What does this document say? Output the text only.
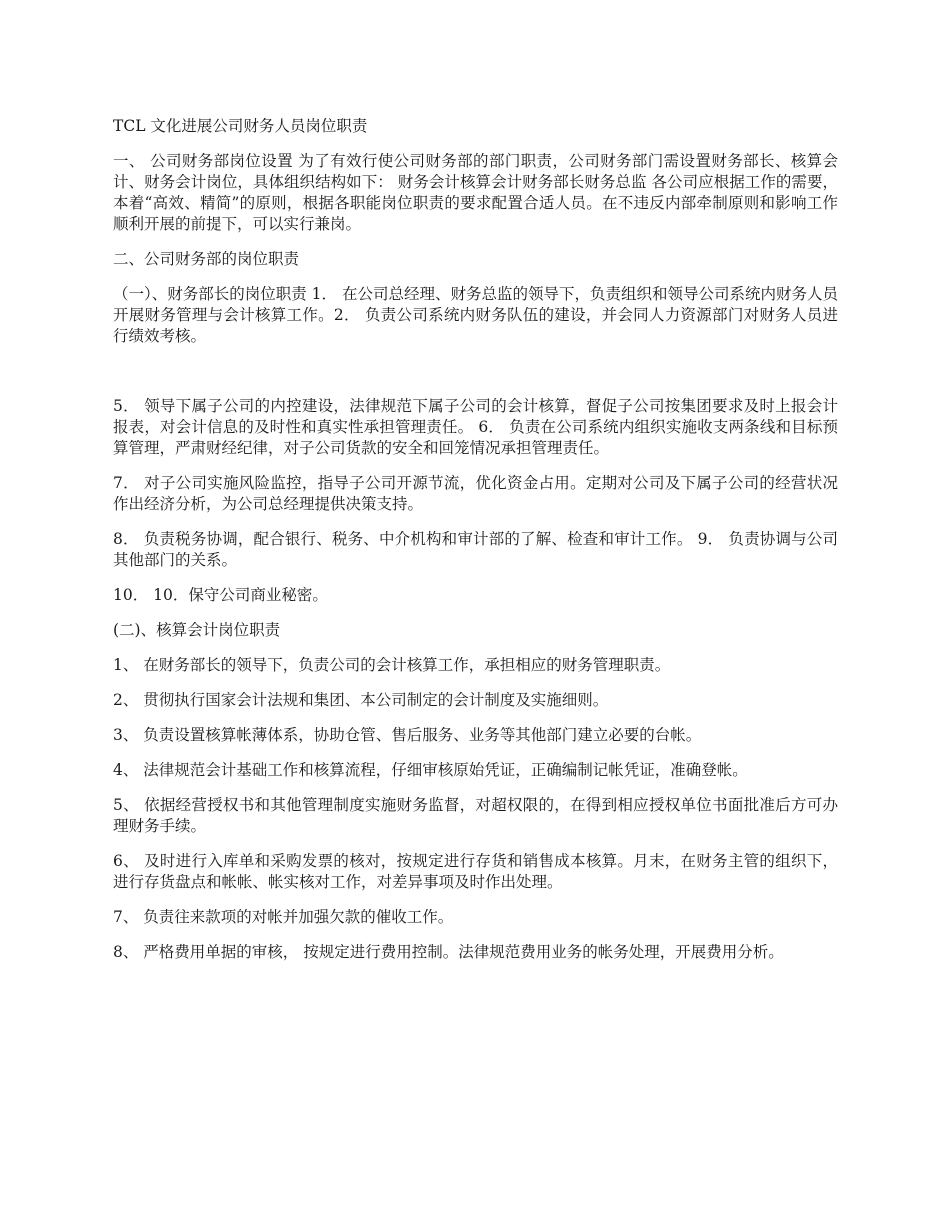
TCL 文化进展公司财务人员岗位职责

一、 公司财务部岗位设置 为了有效行使公司财务部的部门职责，公司财务部门需设置财务部长、核算会计、财务会计岗位，具体组织结构如下： 财务会计核算会计财务部长财务总监 各公司应根据工作的需要，本着“高效、精简”的原则，根据各职能岗位职责的要求配置合适人员。在不违反内部牵制原则和影响工作顺利开展的前提下，可以实行兼岗。

二、公司财务部的岗位职责

（一）、财务部长的岗位职责 1． 在公司总经理、财务总监的领导下，负责组织和领导公司系统内财务人员开展财务管理与会计核算工作。2． 负责公司系统内财务队伍的建设，并会同人力资源部门对财务人员进行绩效考核。

5． 领导下属子公司的内控建设，法律规范下属子公司的会计核算，督促子公司按集团要求及时上报会计报表，对会计信息的及时性和真实性承担管理责任。 6． 负责在公司系统内组织实施收支两条线和目标预算管理，严肃财经纪律，对子公司货款的安全和回笼情况承担管理责任。

7． 对子公司实施风险监控，指导子公司开源节流，优化资金占用。定期对公司及下属子公司的经营状况作出经济分析，为公司总经理提供决策支持。

8． 负责税务协调，配合银行、税务、中介机构和审计部的了解、检查和审计工作。 9． 负责协调与公司其他部门的关系。

10． 10．保守公司商业秘密。

(二)、核算会计岗位职责

1、 在财务部长的领导下，负责公司的会计核算工作，承担相应的财务管理职责。

2、 贯彻执行国家会计法规和集团、本公司制定的会计制度及实施细则。

3、 负责设置核算帐薄体系，协助仓管、售后服务、业务等其他部门建立必要的台帐。

4、 法律规范会计基础工作和核算流程，仔细审核原始凭证，正确编制记帐凭证，准确登帐。

5、 依据经营授权书和其他管理制度实施财务监督，对超权限的，在得到相应授权单位书面批准后方可办理财务手续。

6、 及时进行入库单和采购发票的核对，按规定进行存货和销售成本核算。月末，在财务主管的组织下，进行存货盘点和帐帐、帐实核对工作，对差异事项及时作出处理。

7、 负责往来款项的对帐并加强欠款的催收工作。

8、 严格费用单据的审核， 按规定进行费用控制。法律规范费用业务的帐务处理，开展费用分析。
